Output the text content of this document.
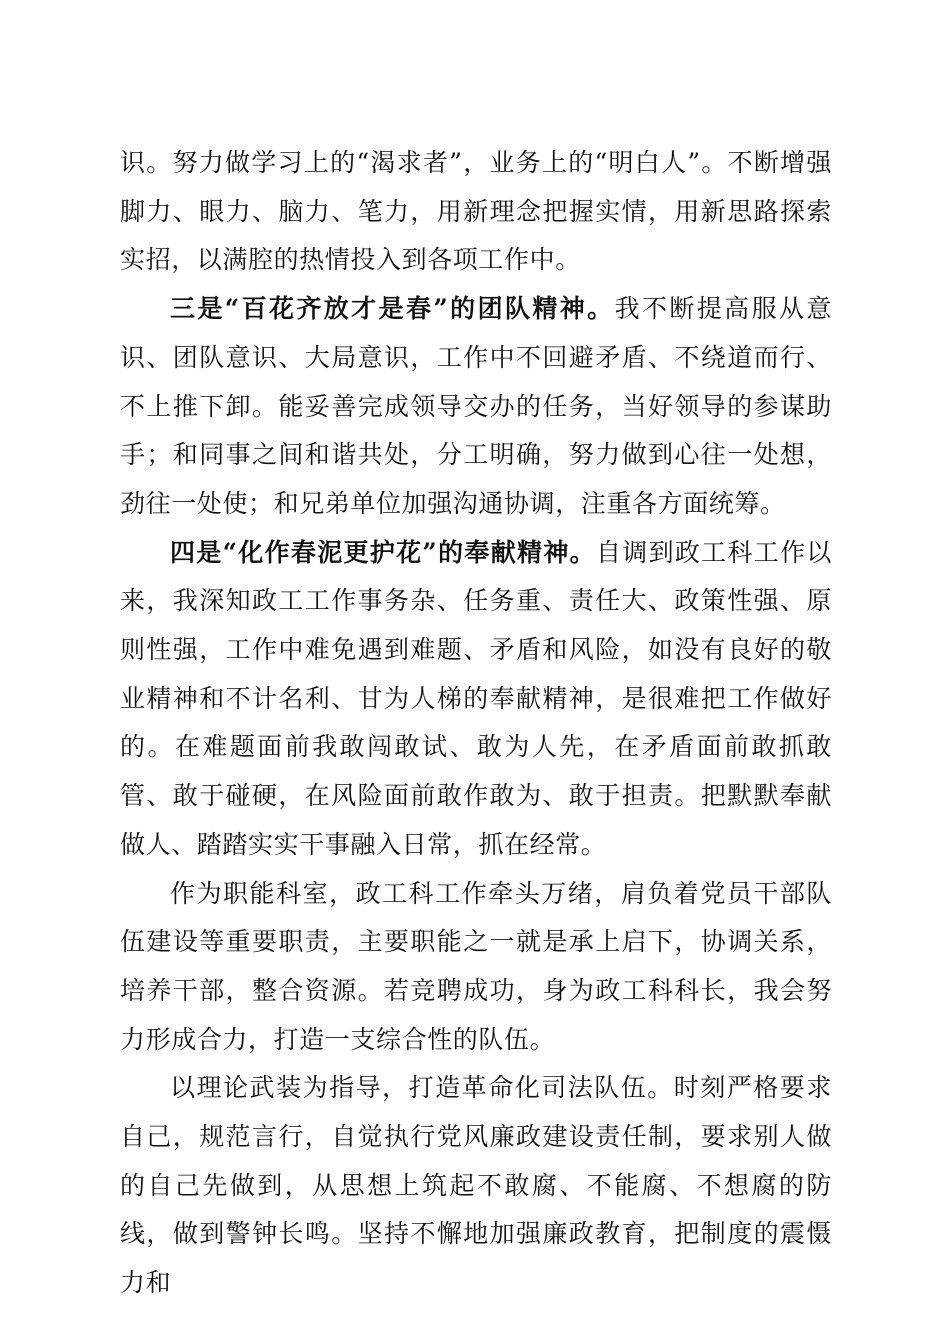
识。努力做学习上的“渴求者”，业务上的“明白人”。不断增强脚力、眼力、脑力、笔力，用新理念把握实情，用新思路探索实招，以满腔的热情投入到各项工作中。

三是“百花齐放才是春”的团队精神。我不断提高服从意识、团队意识、大局意识，工作中不回避矛盾、不绕道而行、不上推下卸。能妥善完成领导交办的任务，当好领导的参谋助手；和同事之间和谐共处，分工明确，努力做到心往一处想，劲往一处使；和兄弟单位加强沟通协调，注重各方面统筹。

四是“化作春泥更护花”的奉献精神。自调到政工科工作以来，我深知政工工作事务杂、任务重、责任大、政策性强、原则性强，工作中难免遇到难题、矛盾和风险，如没有良好的敬业精神和不计名利、甘为人梯的奉献精神，是很难把工作做好的。在难题面前我敢闯敢试、敢为人先，在矛盾面前敢抓敢管、敢于碰硬，在风险面前敢作敢为、敢于担责。把默默奉献做人、踏踏实实干事融入日常，抓在经常。

作为职能科室，政工科工作牵头万绪，肩负着党员干部队伍建设等重要职责，主要职能之一就是承上启下，协调关系，培养干部，整合资源。若竞聘成功，身为政工科科长，我会努力形成合力，打造一支综合性的队伍。

以理论武装为指导，打造革命化司法队伍。时刻严格要求自己，规范言行，自觉执行党风廉政建设责任制，要求别人做的自己先做到，从思想上筑起不敢腐、不能腐、不想腐的防线，做到警钟长鸣。坚持不懈地加强廉政教育，把制度的震慑力和
